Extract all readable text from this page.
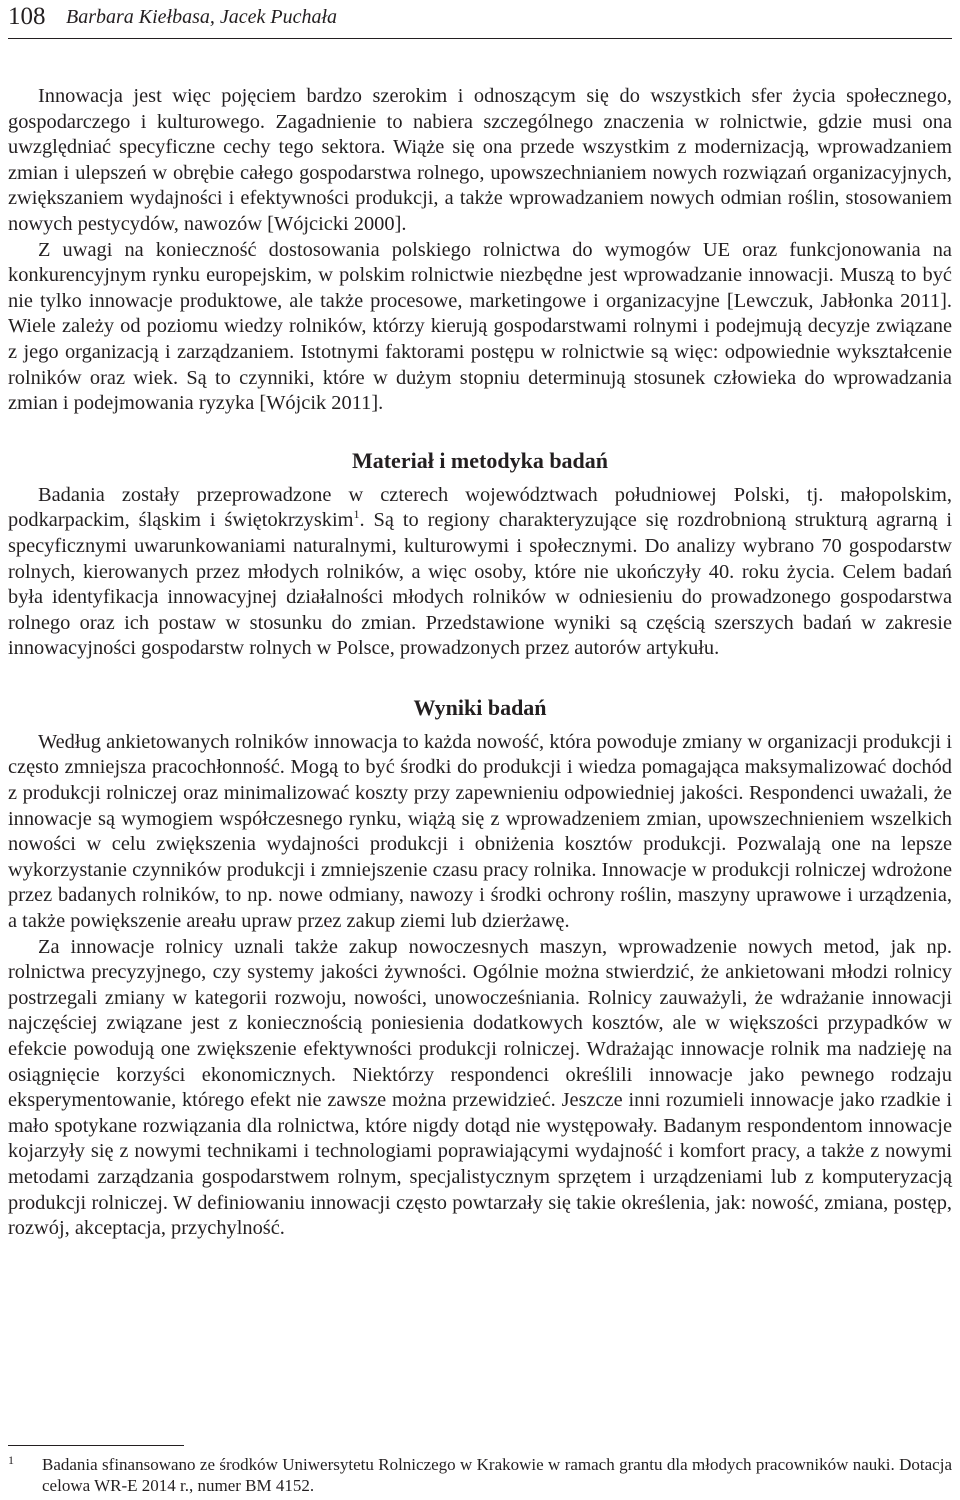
108 Barbara Kiełbasa, Jacek Puchała

Innowacja jest więc pojęciem bardzo szerokim i odnoszącym się do wszystkich sfer życia społecznego, gospodarczego i kulturowego. Zagadnienie to nabiera szczególnego znaczenia w rolnictwie, gdzie musi ona uwzględniać specyficzne cechy tego sektora. Wiąże się ona przede wszystkim z modernizacją, wprowadzaniem zmian i ulepszeń w obrębie całego gospodarstwa rolnego, upowszechnianiem nowych rozwiązań organizacyjnych, zwiększaniem wydajności i efektywności produkcji, a także wprowadzaniem nowych odmian roślin, stosowaniem nowych pestycydów, nawozów [Wójcicki 2000].

Z uwagi na konieczność dostosowania polskiego rolnictwa do wymogów UE oraz funkcjonowania na konkurencyjnym rynku europejskim, w polskim rolnictwie niezbędne jest wprowadzanie innowacji. Muszą to być nie tylko innowacje produktowe, ale także procesowe, marketingowe i organizacyjne [Lewczuk, Jabłonka 2011]. Wiele zależy od poziomu wiedzy rolników, którzy kierują gospodarstwami rolnymi i podejmują decyzje związane z jego organizacją i zarządzaniem. Istotnymi faktorami postępu w rolnictwie są więc: odpowiednie wykształcenie rolników oraz wiek. Są to czynniki, które w dużym stopniu determinują stosunek człowieka do wprowadzania zmian i podejmowania ryzyka [Wójcik 2011].

Materiał i metodyka badań

Badania zostały przeprowadzone w czterech województwach południowej Polski, tj. małopolskim, podkarpackim, śląskim i świętokrzyskim$^1$. Są to regiony charakteryzujące się rozdrobnioną strukturą agrarną i specyficznymi uwarunkowaniami naturalnymi, kulturowymi i społecznymi. Do analizy wybrano 70 gospodarstw rolnych, kierowanych przez młodych rolników, a więc osoby, które nie ukończyły 40. roku życia. Celem badań była identyfikacja innowacyjnej działalności młodych rolników w odniesieniu do prowadzonego gospodarstwa rolnego oraz ich postaw w stosunku do zmian. Przedstawione wyniki są częścią szerszych badań w zakresie innowacyjności gospodarstw rolnych w Polsce, prowadzonych przez autorów artykułu.

Wyniki badań

Według ankietowanych rolników innowacja to każda nowość, która powoduje zmiany w organizacji produkcji i często zmniejsza pracochłonność. Mogą to być środki do produkcji i wiedza pomagająca maksymalizować dochód z produkcji rolniczej oraz minimalizować koszty przy zapewnieniu odpowiedniej jakości. Respondenci uważali, że innowacje są wymogiem współczesnego rynku, wiążą się z wprowadzeniem zmian, upowszechnieniem wszelkich nowości w celu zwiększenia wydajności produkcji i obniżenia kosztów produkcji. Pozwalają one na lepsze wykorzystanie czynników produkcji i zmniejszenie czasu pracy rolnika. Innowacje w produkcji rolniczej wdrożone przez badanych rolników, to np. nowe odmiany, nawozy i środki ochrony roślin, maszyny uprawowe i urządzenia, a także powiększenie areału upraw przez zakup ziemi lub dzierżawę.

Za innowacje rolnicy uznali także zakup nowoczesnych maszyn, wprowadzenie nowych metod, jak np. rolnictwa precyzyjnego, czy systemy jakości żywności. Ogólnie można stwierdzić, że ankietowani młodzi rolnicy postrzegali zmiany w kategorii rozwoju, nowości, unowocześniania. Rolnicy zauważyli, że wdrażanie innowacji najczęściej związane jest z koniecznością poniesienia dodatkowych kosztów, ale w większości przypadków w efekcie powodują one zwiększenie efektywności produkcji rolniczej. Wdrażając innowacje rolnik ma nadzieję na osiągnięcie korzyści ekonomicznych. Niektórzy respondenci określili innowacje jako pewnego rodzaju eksperymentowanie, którego efekt nie zawsze można przewidzieć. Jeszcze inni rozumieli innowacje jako rzadkie i mało spotykane rozwiązania dla rolnictwa, które nigdy dotąd nie występowały. Badanym respondentom innowacje kojarzyły się z nowymi technikami i technologiami poprawiającymi wydajność i komfort pracy, a także z nowymi metodami zarządzania gospodarstwem rolnym, specjalistycznym sprzętem i urządzeniami lub z komputeryzacją produkcji rolniczej. W definiowaniu innowacji często powtarzały się takie określenia, jak: nowość, zmiana, postęp, rozwój, akceptacja, przychylność.

1 Badania sfinansowano ze środków Uniwersytetu Rolniczego w Krakowie w ramach grantu dla młodych pracowników nauki. Dotacja celowa WR-E 2014 r., numer BM 4152.
